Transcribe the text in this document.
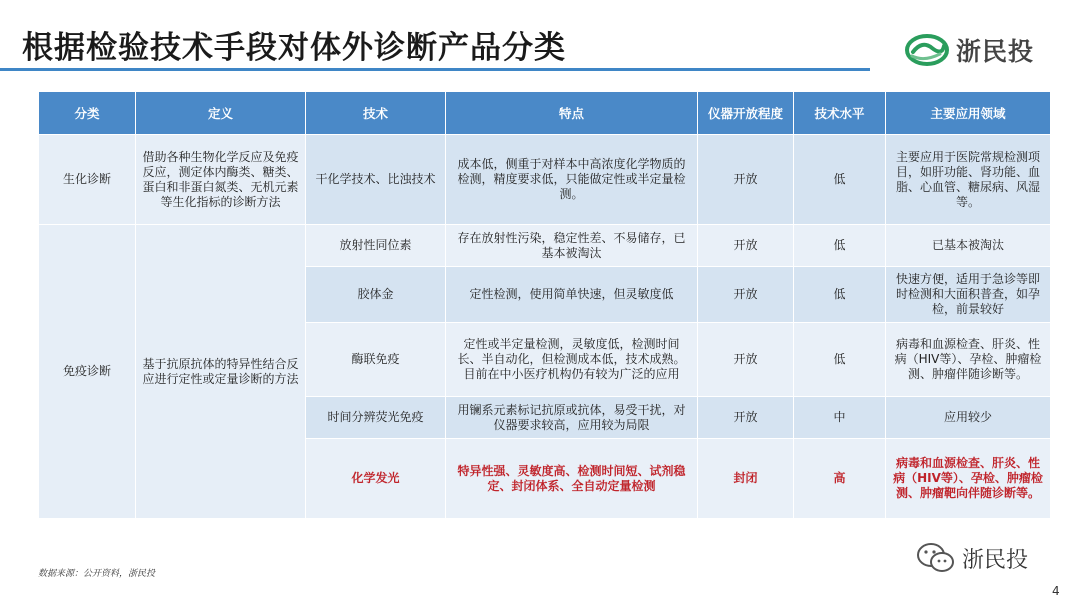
根据检验技术手段对体外诊断产品分类	浙民投
分类	定义	技术	特点	仪器开放程度	技术水平	主要应用领域
生化诊断	借助各种生物化学反应及免疫反应，测定体内酶类、糖类、蛋白和非蛋白氮类、无机元素等生化指标的诊断方法	干化学技术、比浊技术	成本低，侧重于对样本中高浓度化学物质的检测，精度要求低，只能做定性或半定量检测。	开放	低	主要应用于医院常规检测项目，如肝功能、肾功能、血脂、心血管、糖尿病、风湿等。
免疫诊断	基于抗原抗体的特异性结合反应进行定性或定量诊断的方法	放射性同位素	存在放射性污染，稳定性差、不易储存，已基本被淘汰	开放	低	已基本被淘汰
		胶体金	定性检测，使用简单快速，但灵敏度低	开放	低	快速方便，适用于急诊等即时检测和大面积普查，如孕检，前景较好
		酶联免疫	定性或半定量检测，灵敏度低，检测时间长、半自动化，但检测成本低，技术成熟。目前在中小医疗机构仍有较为广泛的应用	开放	低	病毒和血源检查、肝炎、性病（HIV等）、孕检、肿瘤检测、肿瘤伴随诊断等。
		时间分辨荧光免疫	用镧系元素标记抗原或抗体，易受干扰，对仪器要求较高，应用较为局限	开放	中	应用较少
		化学发光	特异性强、灵敏度高、检测时间短、试剂稳定、封闭体系、全自动定量检测	封闭	高	病毒和血源检查、肝炎、性病（HIV等）、孕检、肿瘤检测、肿瘤靶向伴随诊断等。
数据来源：公开资料，浙民投
浙民投
4
